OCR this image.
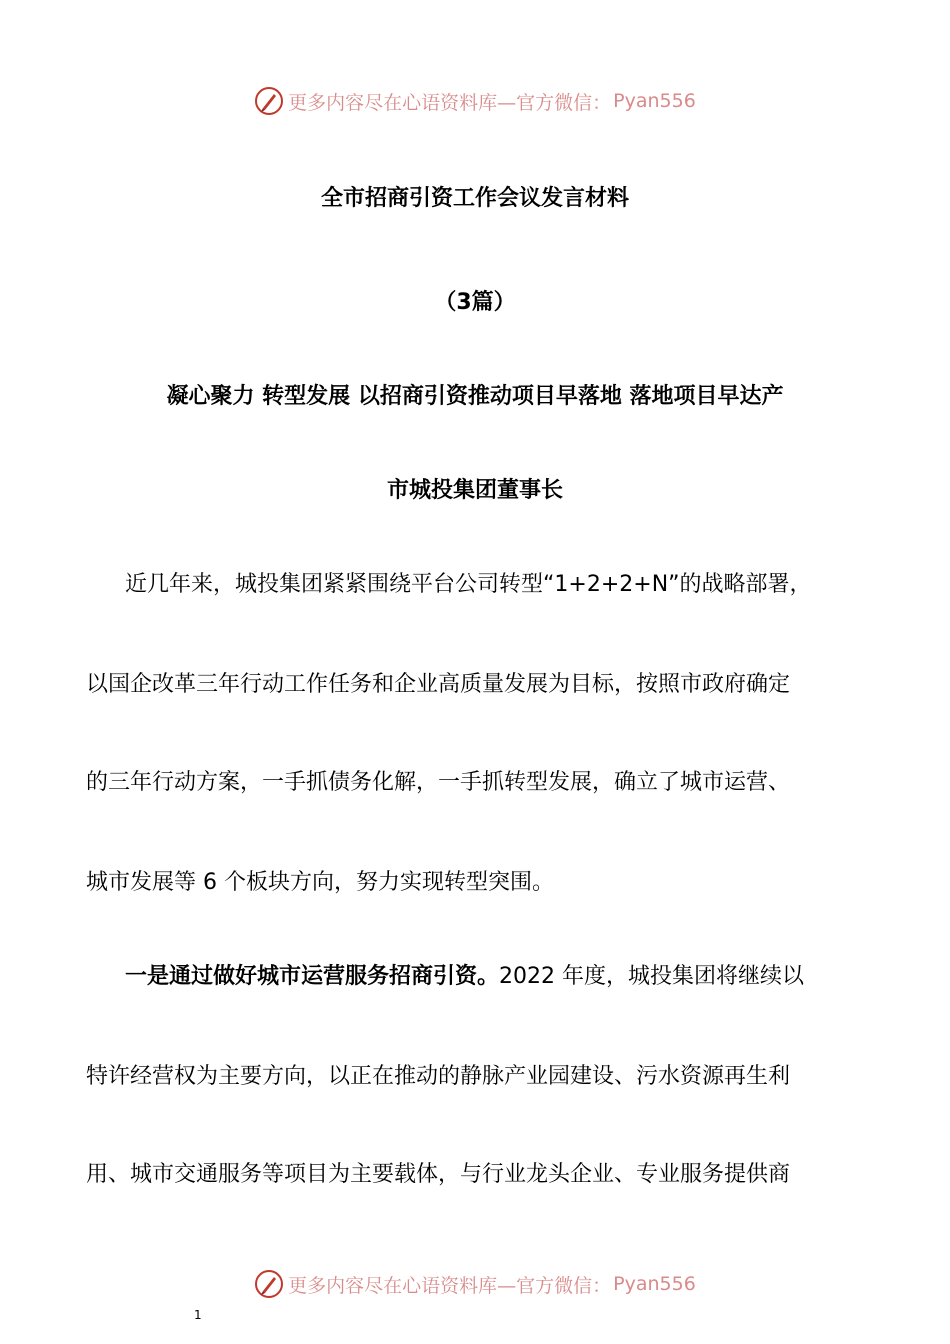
更多内容尽在心语资料库—官方微信： Pyan556
全市招商引资工作会议发言材料
（3篇）
凝心聚力 转型发展 以招商引资推动项目早落地 落地项目早达产
市城投集团董事长
近几年来，城投集团紧紧围绕平台公司转型“1+2+2+N”的战略部署，
以国企改革三年行动工作任务和企业高质量发展为目标，按照市政府确定
的三年行动方案，一手抓债务化解，一手抓转型发展，确立了城市运营、
城市发展等 6 个板块方向，努力实现转型突围。
一是通过做好城市运营服务招商引资。2022 年度，城投集团将继续以
特许经营权为主要方向，以正在推动的静脉产业园建设、污水资源再生利
用、城市交通服务等项目为主要载体，与行业龙头企业、专业服务提供商
更多内容尽在心语资料库—官方微信： Pyan556
1
